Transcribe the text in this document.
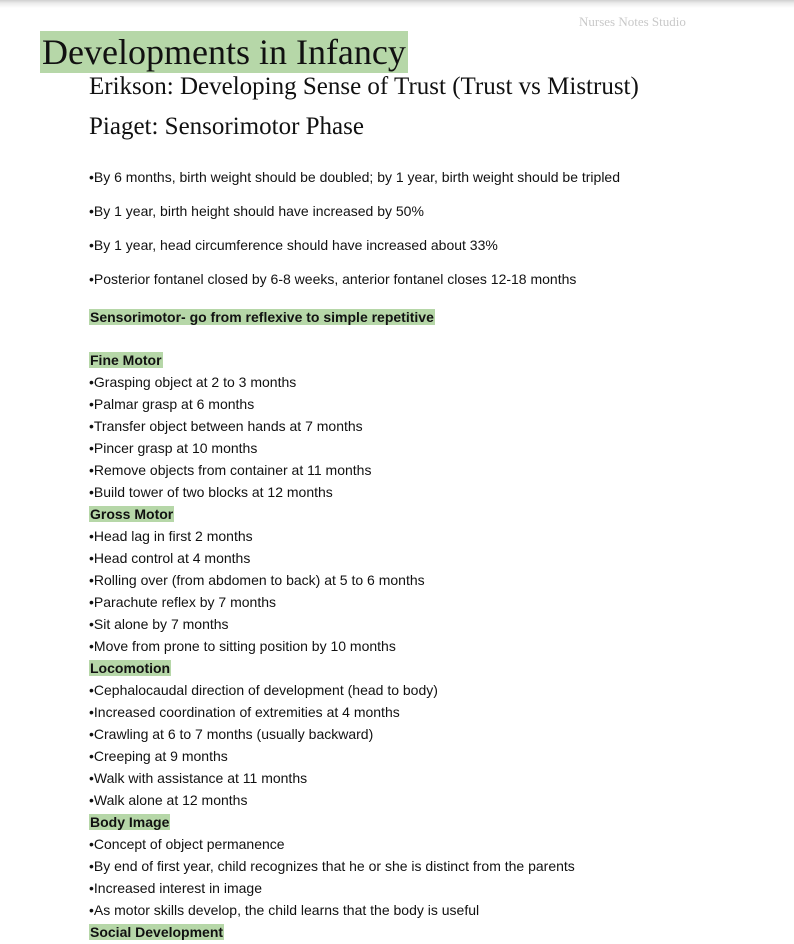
Nurses Notes Studio
Developments in Infancy
Erikson: Developing Sense of Trust (Trust vs Mistrust)
Piaget: Sensorimotor Phase
•By 6 months, birth weight should be doubled; by 1 year, birth weight should be tripled
•By 1 year, birth height should have increased by 50%
•By 1 year, head circumference should have increased about 33%
•Posterior fontanel closed by 6-8 weeks, anterior fontanel closes 12-18 months
Sensorimotor- go from reflexive to simple repetitive
Fine Motor
•Grasping object at 2 to 3 months
•Palmar grasp at 6 months
•Transfer object between hands at 7 months
•Pincer grasp at 10 months
•Remove objects from container at 11 months
•Build tower of two blocks at 12 months
Gross Motor
•Head lag in first 2 months
•Head control at 4 months
•Rolling over (from abdomen to back) at 5 to 6 months
•Parachute reflex by 7 months
•Sit alone by 7 months
•Move from prone to sitting position by 10 months
Locomotion
•Cephalocaudal direction of development (head to body)
•Increased coordination of extremities at 4 months
•Crawling at 6 to 7 months (usually backward)
•Creeping at 9 months
•Walk with assistance at 11 months
•Walk alone at 12 months
Body Image
•Concept of object permanence
•By end of first year, child recognizes that he or she is distinct from the parents
•Increased interest in image
•As motor skills develop, the child learns that the body is useful
Social Development
